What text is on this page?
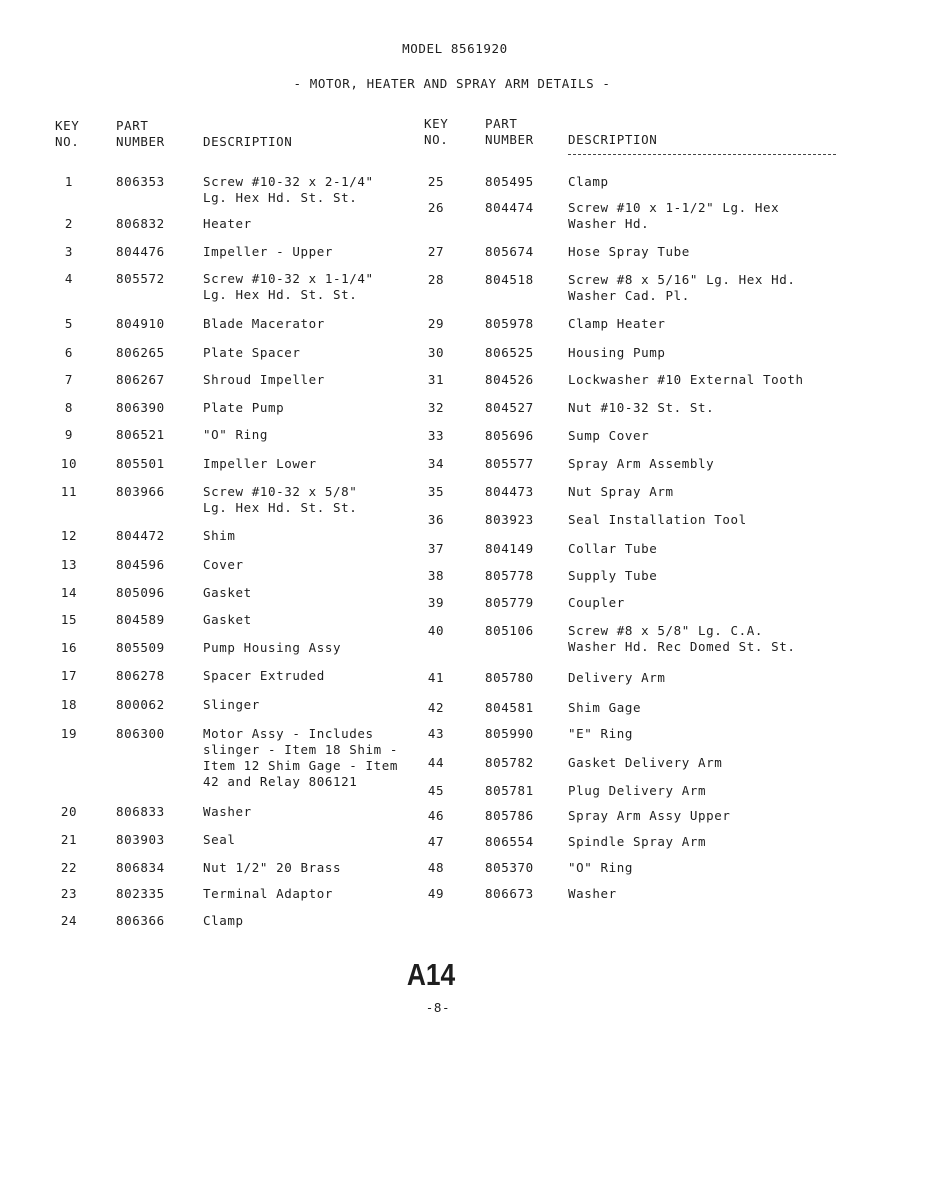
MODEL 8561920
- MOTOR, HEATER AND SPRAY ARM DETAILS -
KEY
NO.
PART
NUMBER	DESCRIPTION
KEY
NO.
PART
NUMBER	DESCRIPTION
1	806353	Screw #10-32 x 2-1/4"
Lg. Hex Hd. St. St.
2	806832	Heater
3	804476	Impeller - Upper
4	805572	Screw #10-32 x 1-1/4"
Lg. Hex Hd. St. St.
5	804910	Blade Macerator
6	806265	Plate Spacer
7	806267	Shroud Impeller
8	806390	Plate Pump
9	806521	"O" Ring
10	805501	Impeller Lower
11	803966	Screw #10-32 x 5/8"
Lg. Hex Hd. St. St.
12	804472	Shim
13	804596	Cover
14	805096	Gasket
15	804589	Gasket
16	805509	Pump Housing Assy
17	806278	Spacer Extruded
18	800062	Slinger
19	806300	Motor Assy - Includes
slinger - Item 18 Shim -
Item 12 Shim Gage - Item
42 and Relay 806121
20	806833	Washer
21	803903	Seal
22	806834	Nut 1/2" 20 Brass
23	802335	Terminal Adaptor
24	806366	Clamp
25	805495	Clamp
26	804474	Screw #10 x 1-1/2" Lg. Hex
Washer Hd.
27	805674	Hose Spray Tube
28	804518	Screw #8 x 5/16" Lg. Hex Hd.
Washer Cad. Pl.
29	805978	Clamp Heater
30	806525	Housing Pump
31	804526	Lockwasher #10 External Tooth
32	804527	Nut #10-32 St. St.
33	805696	Sump Cover
34	805577	Spray Arm Assembly
35	804473	Nut Spray Arm
36	803923	Seal Installation Tool
37	804149	Collar Tube
38	805778	Supply Tube
39	805779	Coupler
40	805106	Screw #8 x 5/8" Lg. C.A.
Washer Hd. Rec Domed St. St.
41	805780	Delivery Arm
42	804581	Shim Gage
43	805990	"E" Ring
44	805782	Gasket Delivery Arm
45	805781	Plug Delivery Arm
46	805786	Spray Arm Assy Upper
47	806554	Spindle Spray Arm
48	805370	"O" Ring
49	806673	Washer
A14
-8-
